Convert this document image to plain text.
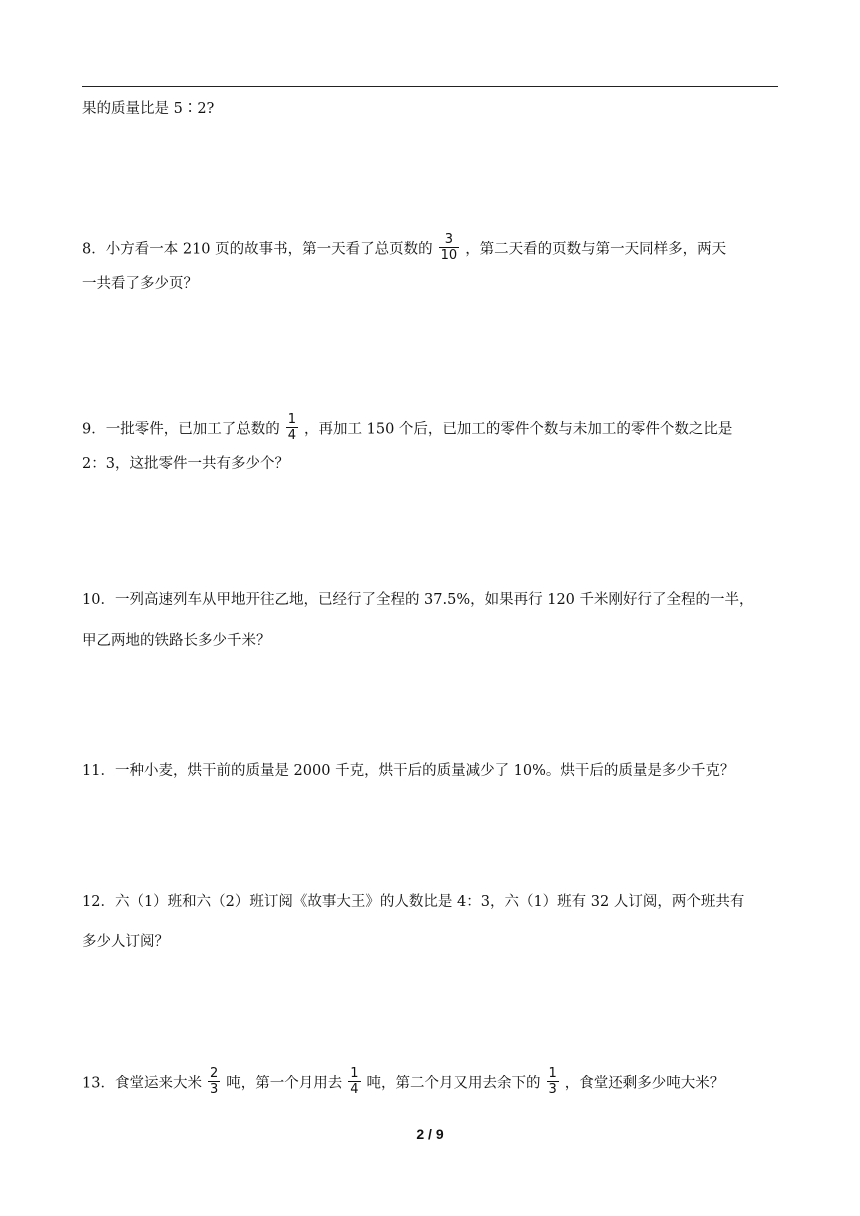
果的质量比是 5∶2?
8．小方看一本 210 页的故事书，第一天看了总页数的 $\frac{3}{10}$ ，第二天看的页数与第一天同样多，两天
一共看了多少页？
9．一批零件，已加工了总数的 $\frac{1}{4}$ ，再加工 150 个后，已加工的零件个数与未加工的零件个数之比是
2：3，这批零件一共有多少个？
10．一列高速列车从甲地开往乙地，已经行了全程的 37.5%，如果再行 120 千米刚好行了全程的一半，
甲乙两地的铁路长多少千米？
11．一种小麦，烘干前的质量是 2000 千克，烘干后的质量减少了 10%。烘干后的质量是多少千克？
12．六（1）班和六（2）班订阅《故事大王》的人数比是 4：3，六（1）班有 32 人订阅，两个班共有
多少人订阅？
13．食堂运来大米 $\frac{2}{3}$ 吨，第一个月用去 $\frac{1}{4}$ 吨，第二个月又用去余下的 $\frac{1}{3}$ ，食堂还剩多少吨大米？
2 / 9
